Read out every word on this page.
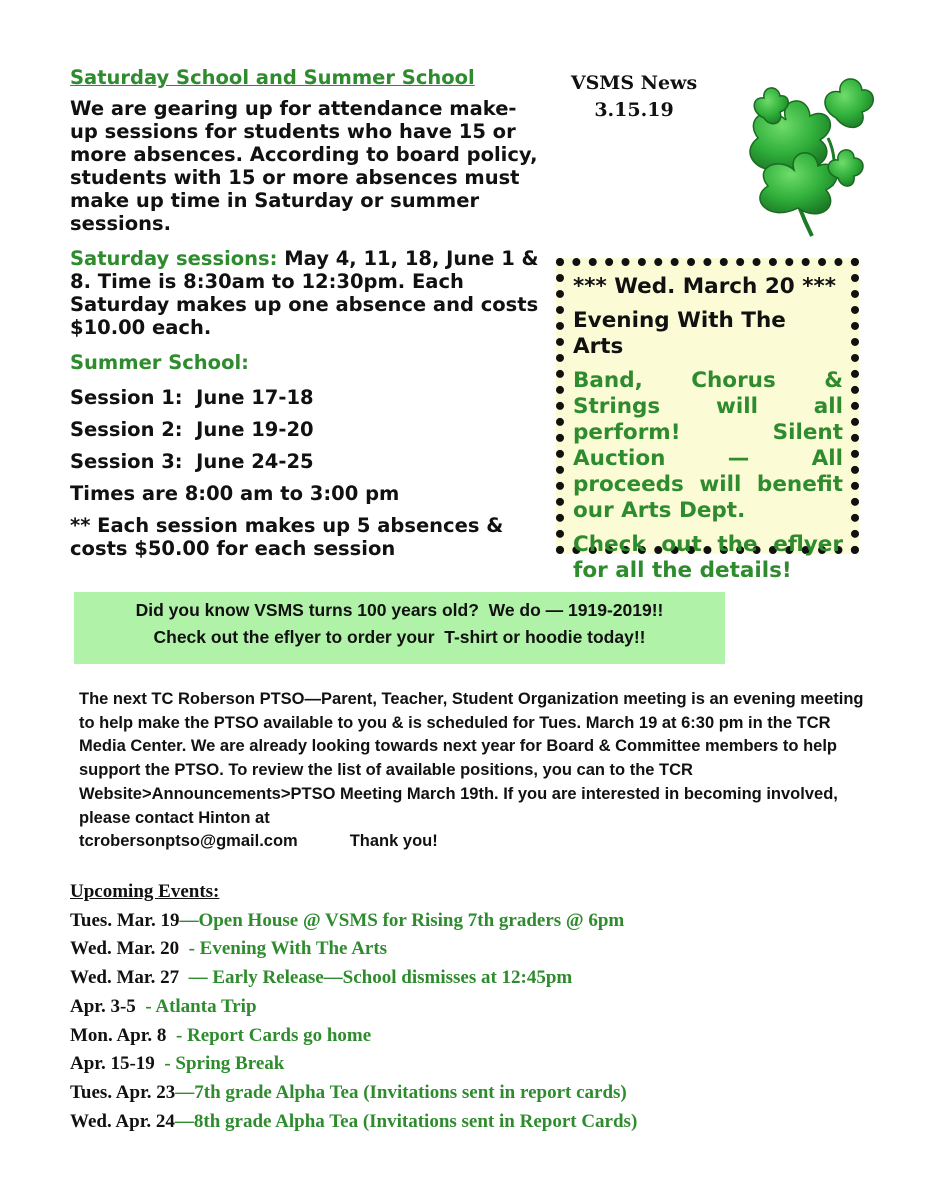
Saturday School and Summer School

We are gearing up for attendance make-up sessions for students who have 15 or more absences. According to board policy, students with 15 or more absences must make up time in Saturday or summer sessions.

Saturday sessions: May 4, 11, 18, June 1 & 8. Time is 8:30am to 12:30pm. Each Saturday makes up one absence and costs $10.00 each.

Summer School:

Session 1:  June 17-18

Session 2:  June 19-20

Session 3:  June 24-25

Times are 8:00 am to 3:00 pm

** Each session makes up 5 absences & costs $50.00 for each session

VSMS News
3.15.19

*** Wed. March 20 ***

Evening With The Arts

Band, Chorus & Strings will all perform! Silent Auction — All proceeds will benefit our Arts Dept.

Check out the eflyer for all the details!

Did you know VSMS turns 100 years old?  We do — 1919-2019!!

Check out the eflyer to order your  T-shirt or hoodie today!!

The next TC Roberson PTSO—Parent, Teacher, Student Organization meeting is an evening meeting to help make the PTSO available to you & is scheduled for Tues. March 19 at 6:30 pm in the TCR Media Center. We are already looking towards next year for Board & Committee members to help support the PTSO. To review the list of available positions, you can to the TCR Website>Announcements>PTSO Meeting March 19th. If you are interested in becoming involved, please contact Hinton at

tcrobersonptso@gmail.com	Thank you!

Upcoming Events:

Tues. Mar. 19—Open House @ VSMS for Rising 7th graders @ 6pm

Wed. Mar. 20  - Evening With The Arts

Wed. Mar. 27  — Early Release—School dismisses at 12:45pm

Apr. 3-5  - Atlanta Trip

Mon. Apr. 8  - Report Cards go home

Apr. 15-19  - Spring Break

Tues. Apr. 23—7th grade Alpha Tea (Invitations sent in report cards)

Wed. Apr. 24—8th grade Alpha Tea (Invitations sent in Report Cards)
